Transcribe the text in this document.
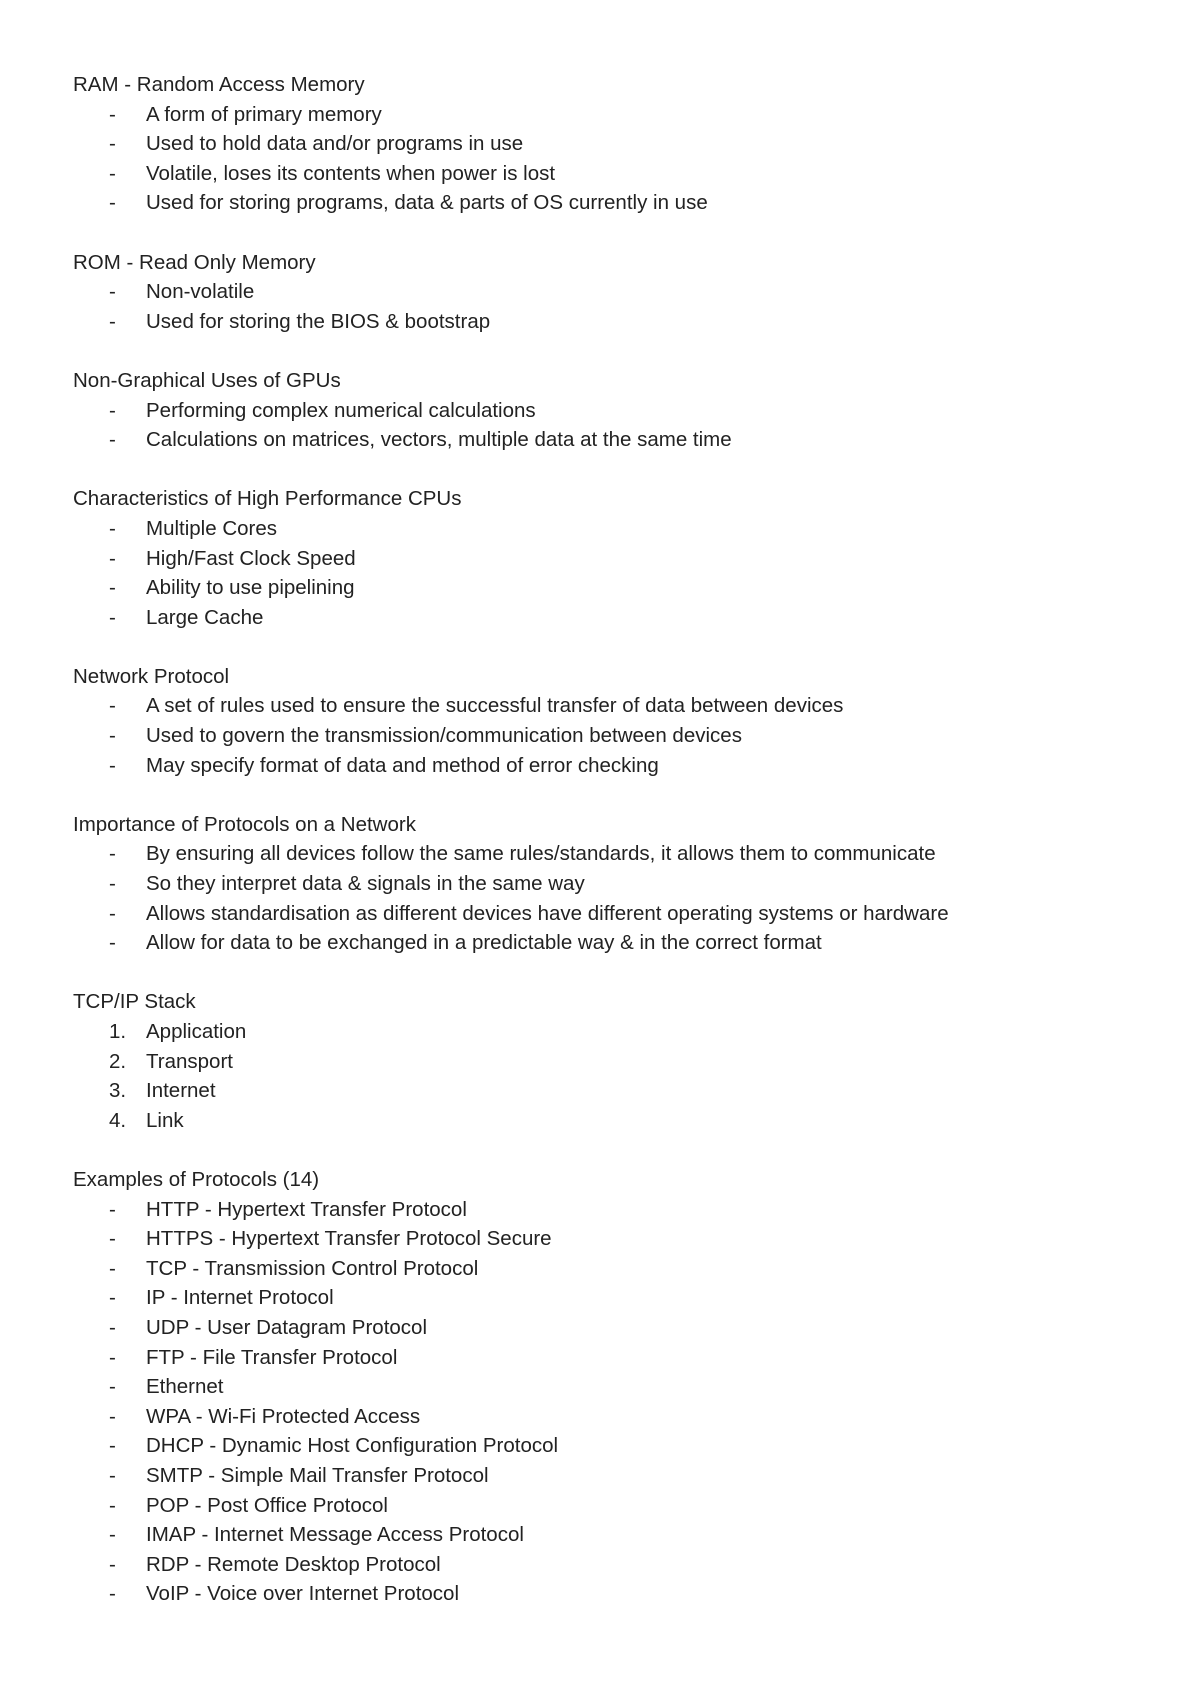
RAM - Random Access Memory
-	A form of primary memory
-	Used to hold data and/or programs in use
-	Volatile, loses its contents when power is lost
-	Used for storing programs, data & parts of OS currently in use
ROM - Read Only Memory
-	Non-volatile
-	Used for storing the BIOS & bootstrap
Non-Graphical Uses of GPUs
-	Performing complex numerical calculations
-	Calculations on matrices, vectors, multiple data at the same time
Characteristics of High Performance CPUs
-	Multiple Cores
-	High/Fast Clock Speed
-	Ability to use pipelining
-	Large Cache
Network Protocol
-	A set of rules used to ensure the successful transfer of data between devices
-	Used to govern the transmission/communication between devices
-	May specify format of data and method of error checking
Importance of Protocols on a Network
-	By ensuring all devices follow the same rules/standards, it allows them to communicate
-	So they interpret data & signals in the same way
-	Allows standardisation as different devices have different operating systems or hardware
-	Allow for data to be exchanged in a predictable way & in the correct format
TCP/IP Stack
1. Application
2. Transport
3. Internet
4. Link
Examples of Protocols (14)
-	HTTP - Hypertext Transfer Protocol
-	HTTPS - Hypertext Transfer Protocol Secure
-	TCP - Transmission Control Protocol
-	IP - Internet Protocol
-	UDP - User Datagram Protocol
-	FTP - File Transfer Protocol
-	Ethernet
-	WPA - Wi-Fi Protected Access
-	DHCP - Dynamic Host Configuration Protocol
-	SMTP - Simple Mail Transfer Protocol
-	POP - Post Office Protocol
-	IMAP - Internet Message Access Protocol
-	RDP - Remote Desktop Protocol
-	VoIP - Voice over Internet Protocol
